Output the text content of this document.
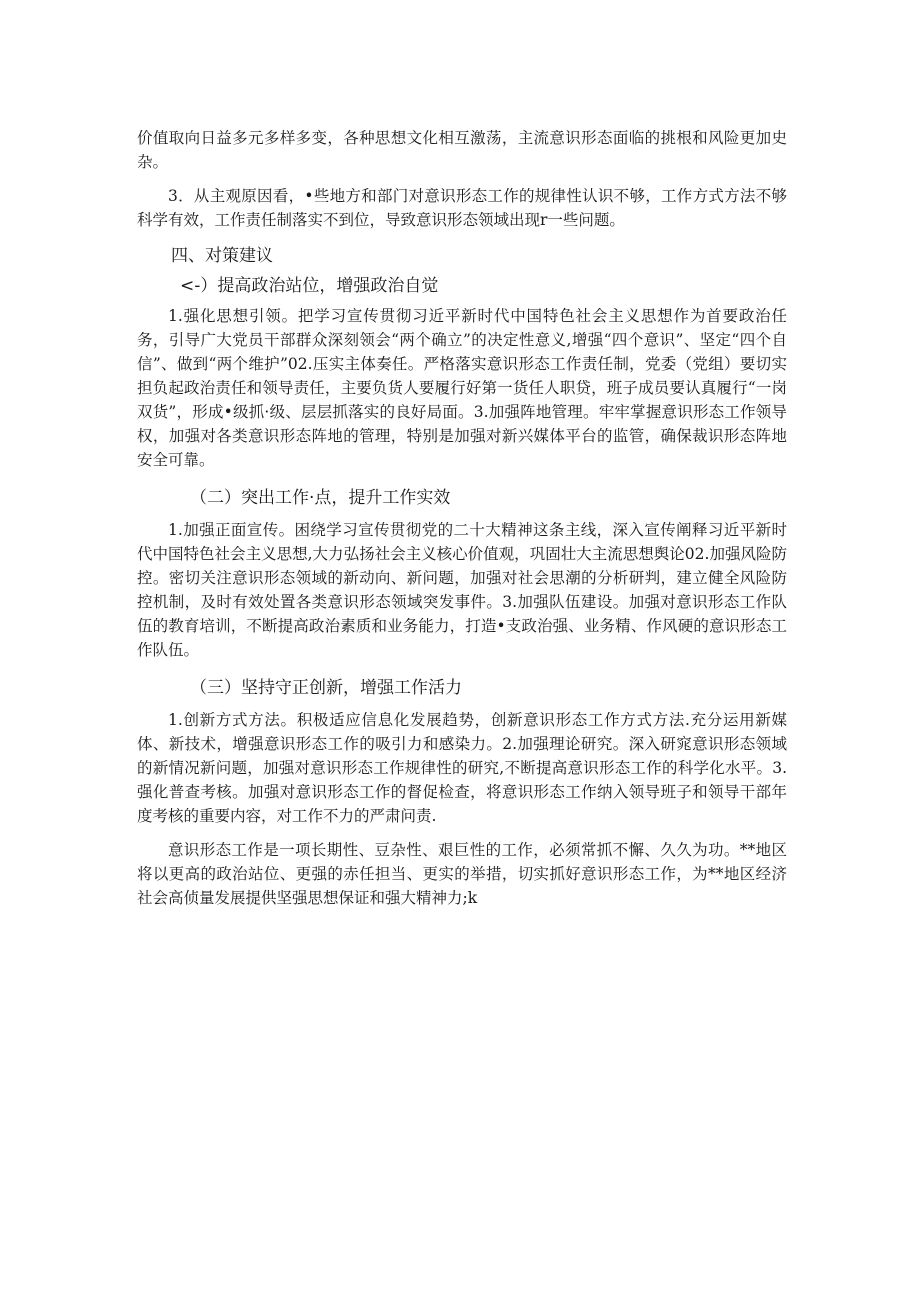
价值取向日益多元多样多变，各种思想文化相互激荡，主流意识形态面临的挑根和风险更加史杂。

3．从主观原因看，•些地方和部门对意识形态工作的规律性认识不够，工作方式方法不够科学有效，工作责任制落实不到位，导致意识形态领域出现r一些问题。

四、对策建议
<-）提高政治站位，增强政治自觉

1.强化思想引领。把学习宣传贯彻习近平新时代中国特色社会主义思想作为首要政治任务，引导广大党员干部群众深刻领会“两个确立”的决定性意义,增强“四个意识”、坚定“四个自信”、做到“两个维护”02.压实主体奏任。严格落实意识形态工作责任制，党委（党组）要切实担负起政治责任和领导责任，主要负货人要履行好第一货任人职贷，班子成员要认真履行“一岗双货”，形成•级抓·级、层层抓落实的良好局面。3.加强阵地管理。牢牢掌握意识形态工作领导权，加强对各类意识形态阵地的管理，特别是加强对新兴媒体平台的监管，确保裁识形态阵地安全可靠。

（二）突出工作·点，提升工作实效

1.加强正面宣传。困绕学习宣传贯彻党的二十大精神这条主线，深入宣传阐释习近平新时代中国特色社会主义思想,大力弘扬社会主义核心价值观，巩固壮大主流思想舆论02.加强风险防控。密切关注意识形态领域的新动向、新问题，加强对社会思潮的分析研判，建立健全风险防控机制，及时有效处置各类意识形态领域突发事件。3.加强队伍建设。加强对意识形态工作队伍的教育培训，不断提高政治素质和业务能力，打造•支政治强、业务精、作风硬的意识形态工作队伍。

（三）坚持守正创新，增强工作活力

1.创新方式方法。积极适应信息化发展趋势，创新意识形态工作方式方法.充分运用新媒体、新技术，增强意识形态工作的吸引力和感染力。2.加强理论研究。深入研窕意识形态领域的新情况新问题，加强对意识形态工作规律性的研究,不断提高意识形态工作的科学化水平。3.强化普查考核。加强对意识形态工作的督促检查，将意识形态工作纳入领导班子和领导干部年度考核的重要内容，对工作不力的严肃问责.

意识形态工作是一项长期性、豆杂性、艰巨性的工作，必须常抓不懈、久久为功。**地区将以更高的政治站位、更强的赤任担当、更实的举措，切实抓好意识形态工作，为**地区经济社会高侦量发展提供坚强思想保证和强大精神力;k
